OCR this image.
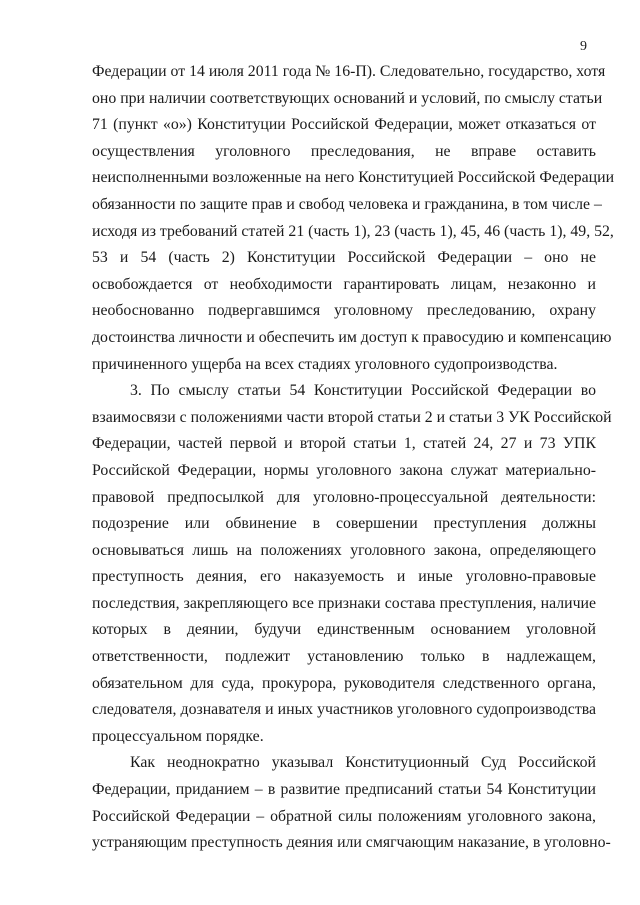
9
Федерации от 14 июля 2011 года № 16-П). Следовательно, государство, хотя
оно при наличии соответствующих оснований и условий, по смыслу статьи
71 (пункт «о») Конституции Российской Федерации, может отказаться от
осуществления уголовного преследования, не вправе оставить
неисполненными возложенные на него Конституцией Российской Федерации
обязанности по защите прав и свобод человека и гражданина, в том числе –
исходя из требований статей 21 (часть 1), 23 (часть 1), 45, 46 (часть 1), 49, 52,
53 и 54 (часть 2) Конституции Российской Федерации – оно не
освобождается от необходимости гарантировать лицам, незаконно и
необоснованно подвергавшимся уголовному преследованию, охрану
достоинства личности и обеспечить им доступ к правосудию и компенсацию
причиненного ущерба на всех стадиях уголовного судопроизводства.
3. По смыслу статьи 54 Конституции Российской Федерации во
взаимосвязи с положениями части второй статьи 2 и статьи 3 УК Российской
Федерации, частей первой и второй статьи 1, статей 24, 27 и 73 УПК
Российской Федерации, нормы уголовного закона служат материально-
правовой предпосылкой для уголовно-процессуальной деятельности:
подозрение или обвинение в совершении преступления должны
основываться лишь на положениях уголовного закона, определяющего
преступность деяния, его наказуемость и иные уголовно-правовые
последствия, закрепляющего все признаки состава преступления, наличие
которых в деянии, будучи единственным основанием уголовной
ответственности, подлежит установлению только в надлежащем,
обязательном для суда, прокурора, руководителя следственного органа,
следователя, дознавателя и иных участников уголовного судопроизводства
процессуальном порядке.
Как неоднократно указывал Конституционный Суд Российской
Федерации, приданием – в развитие предписаний статьи 54 Конституции
Российской Федерации – обратной силы положениям уголовного закона,
устраняющим преступность деяния или смягчающим наказание, в уголовно-
